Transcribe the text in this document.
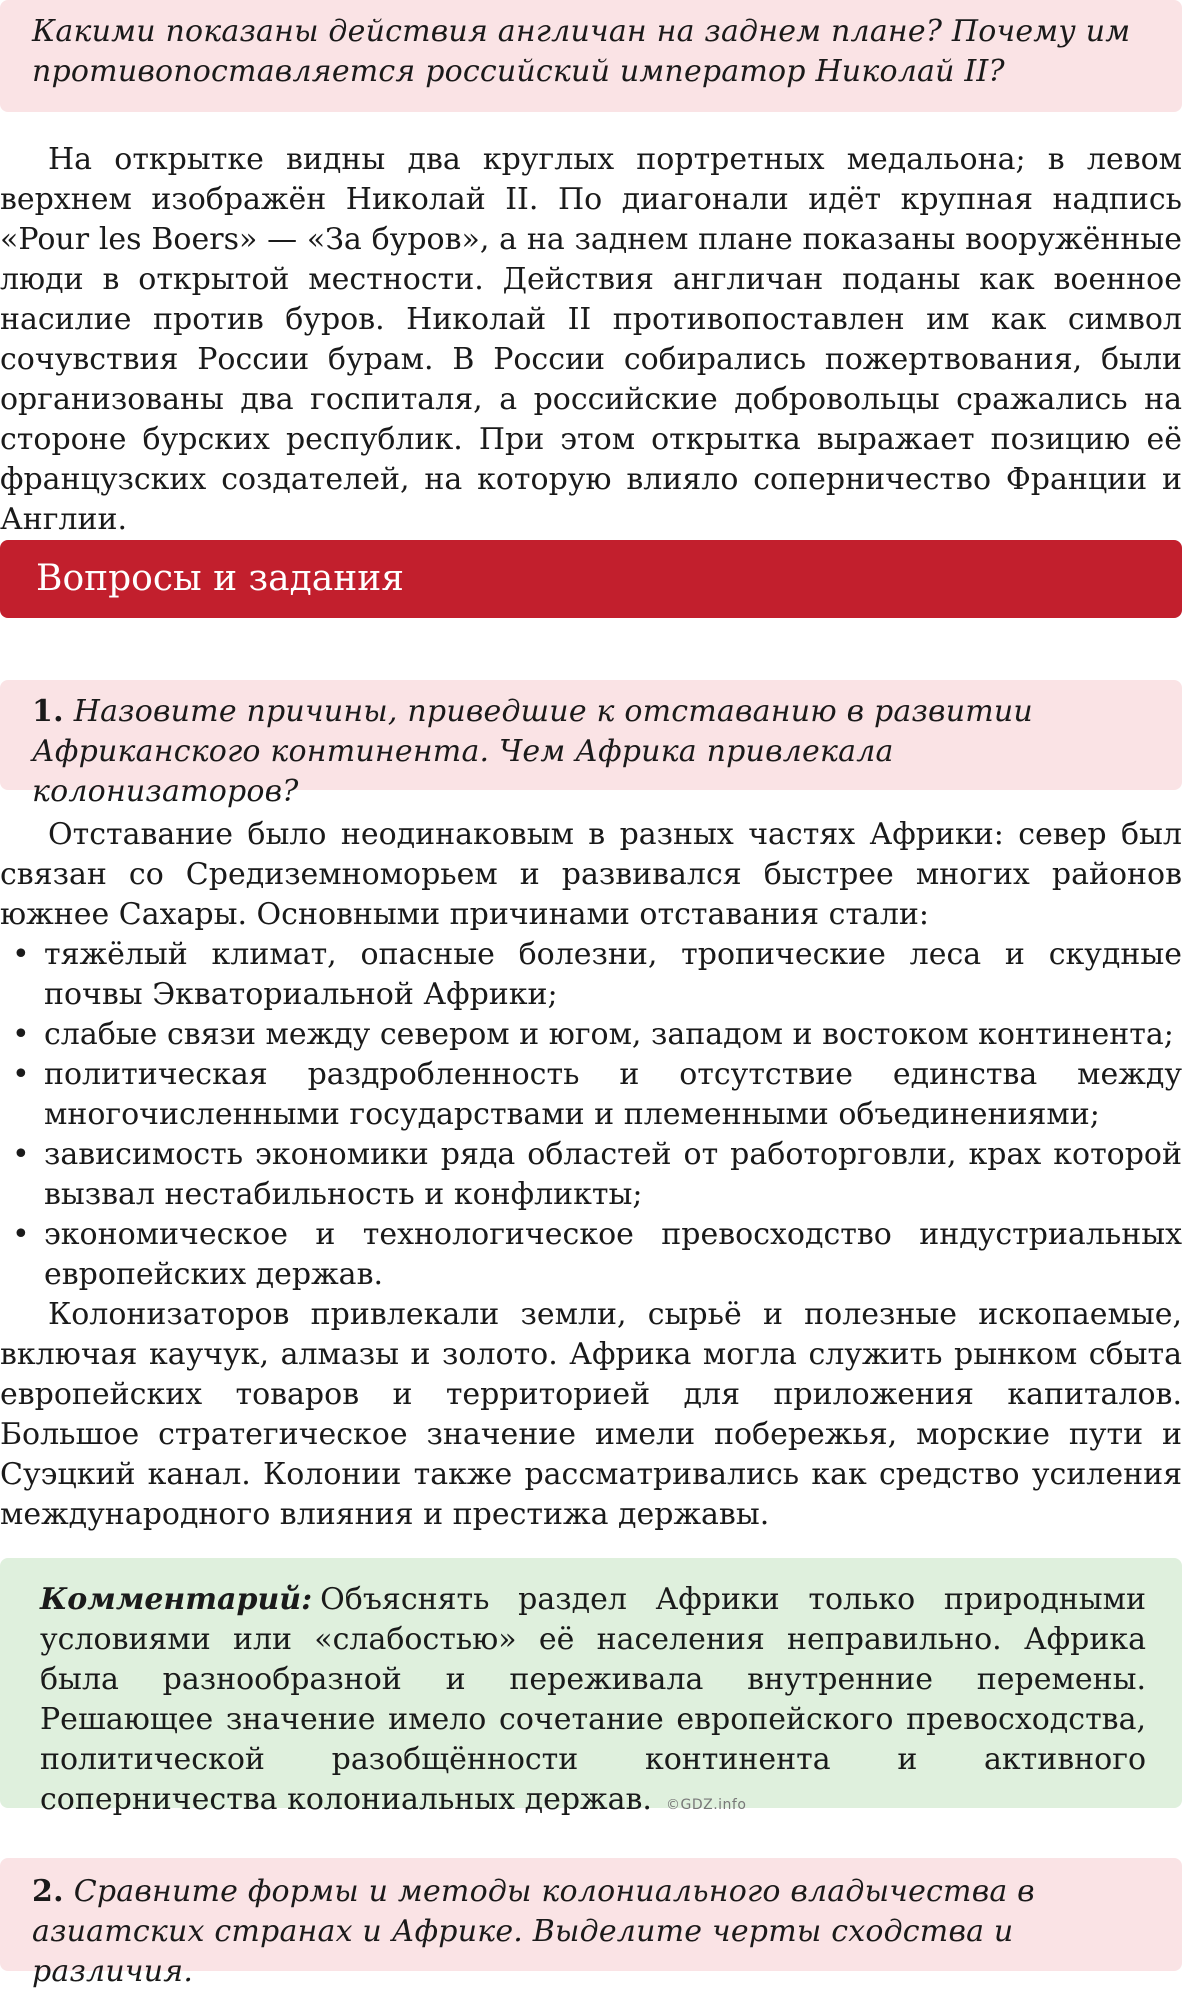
Какими показаны действия англичан на заднем плане? Почему им противопоставляется российский император Николай II?

На открытке видны два круглых портретных медальона; в левом верхнем изображён Николай II. По диагонали идёт крупная надпись «Pour les Boers» — «За буров», а на заднем плане показаны вооружённые люди в открытой местности. Действия англичан поданы как военное насилие против буров. Николай II противопоставлен им как символ сочувствия России бурам. В России собирались пожертвования, были организованы два госпиталя, а российские добровольцы сражались на стороне бурских республик. При этом открытка выражает позицию её французских создателей, на которую влияло соперничество Франции и Англии.

Вопросы и задания
1. Назовите причины, приведшие к отставанию в развитии Африканского континента. Чем Африка привлекала колонизаторов?

Отставание было неодинаковым в разных частях Африки: север был связан со Средиземноморьем и развивался быстрее многих районов южнее Сахары. Основными причинами отставания стали:

• тяжёлый климат, опасные болезни, тропические леса и скудные почвы Экваториальной Африки;
• слабые связи между севером и югом, западом и востоком континента;
• политическая раздробленность и отсутствие единства между многочисленными государствами и племенными объединениями;
• зависимость экономики ряда областей от работорговли, крах которой вызвал нестабильность и конфликты;
• экономическое и технологическое превосходство индустриальных европейских держав.

Колонизаторов привлекали земли, сырьё и полезные ископаемые, включая каучук, алмазы и золото. Африка могла служить рынком сбыта европейских товаров и территорией для приложения капиталов. Большое стратегическое значение имели побережья, морские пути и Суэцкий канал. Колонии также рассматривались как средство усиления международного влияния и престижа державы.

Комментарий: Объяснять раздел Африки только природными условиями или «слабостью» её населения неправильно. Африка была разнообразной и переживала внутренние перемены. Решающее значение имело сочетание европейского превосходства, политической разобщённости континента и активного соперничества колониальных держав. ©GDZ.info
2. Сравните формы и методы колониального владычества в азиатских странах и Африке. Выделите черты сходства и различия.
